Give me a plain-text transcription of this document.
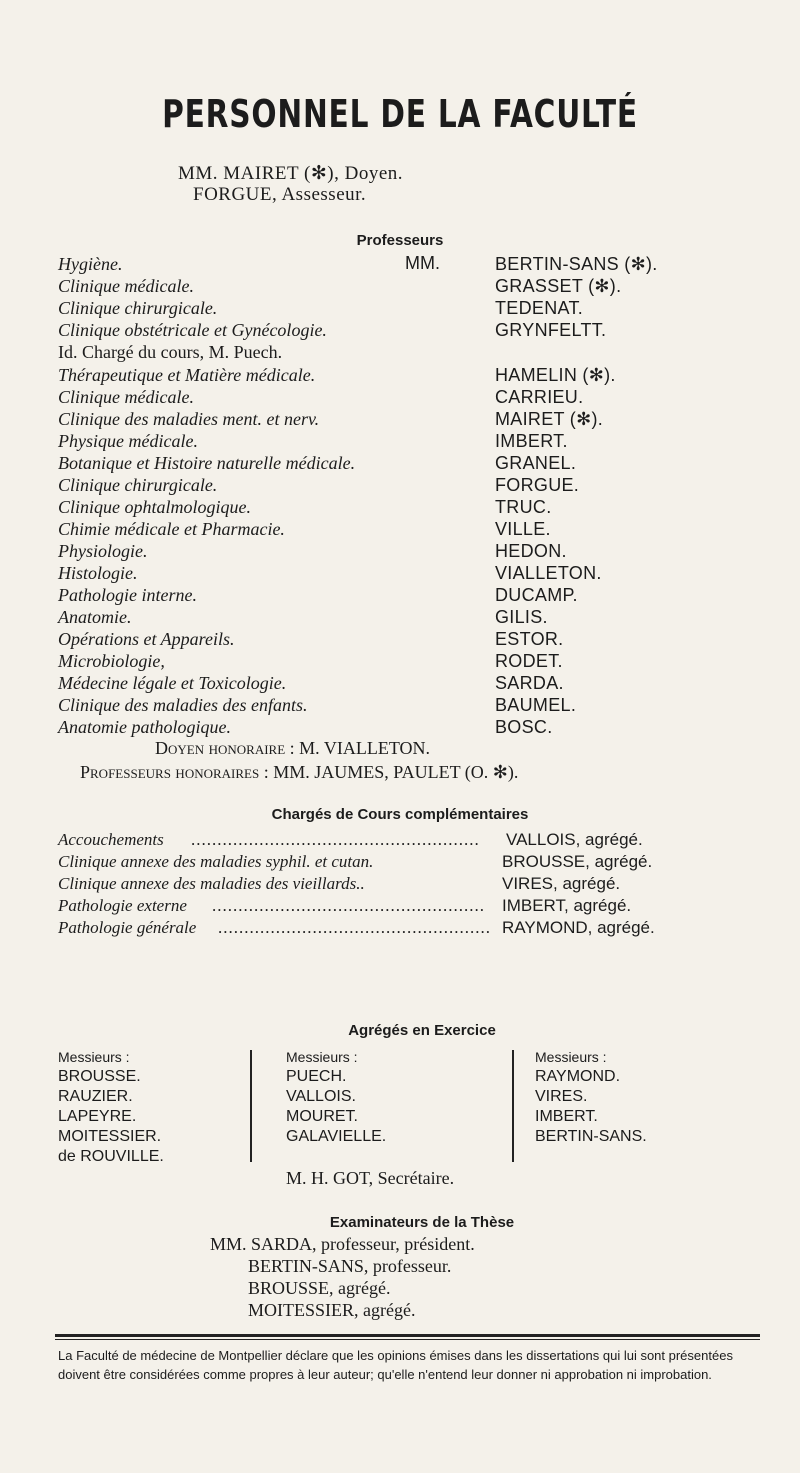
PERSONNEL DE LA FACULTÉ
MM. MAIRET (✻), Doyen.
FORGUE, Assesseur.
Professeurs
MM.
Hygiène.	BERTIN-SANS (✻).
Clinique médicale.	GRASSET (✻).
Clinique chirurgicale.	TEDENAT.
Clinique obstétricale et Gynécologie.	GRYNFELTT.
Id. Chargé du cours, M. Puech.
Thérapeutique et Matière médicale.	HAMELIN (✻).
Clinique médicale.	CARRIEU.
Clinique des maladies ment. et nerv.	MAIRET (✻).
Physique médicale.	IMBERT.
Botanique et Histoire naturelle médicale.	GRANEL.
Clinique chirurgicale.	FORGUE.
Clinique ophtalmologique.	TRUC.
Chimie médicale et Pharmacie.	VILLE.
Physiologie.	HEDON.
Histologie.	VIALLETON.
Pathologie interne.	DUCAMP.
Anatomie.	GILIS.
Opérations et Appareils.	ESTOR.
Microbiologie,	RODET.
Médecine légale et Toxicologie.	SARDA.
Clinique des maladies des enfants.	BAUMEL.
Anatomie pathologique.	BOSC.
Doyen honoraire : M. VIALLETON.
Professeurs honoraires : MM. JAUMES, PAULET (O. ✻).
Chargés de Cours complémentaires
Accouchements .......................................................	VALLOIS, agrégé.
Clinique annexe des maladies syphil. et cutan.	BROUSSE, agrégé.
Clinique annexe des maladies des vieillards..	VIRES, agrégé.
Pathologie externe ....................................................	IMBERT, agrégé.
Pathologie générale .................................................... RAYMOND, agrégé.
Agrégés en Exercice
Messieurs :
BROUSSE.
RAUZIER.
LAPEYRE.
MOITESSIER.
de ROUVILLE.
Messieurs :
PUECH.
VALLOIS.
MOURET.
GALAVIELLE.
Messieurs :
RAYMOND.
VIRES.
IMBERT.
BERTIN-SANS.
M. H. GOT, Secrétaire.
Examinateurs de la Thèse
MM. SARDA, professeur, président.
BERTIN-SANS, professeur.
BROUSSE, agrégé.
MOITESSIER, agrégé.
La Faculté de médecine de Montpellier déclare que les opinions émises dans les dissertations qui lui sont présentées doivent être considérées comme propres à leur auteur; qu'elle n'entend leur donner ni approbation ni improbation.
